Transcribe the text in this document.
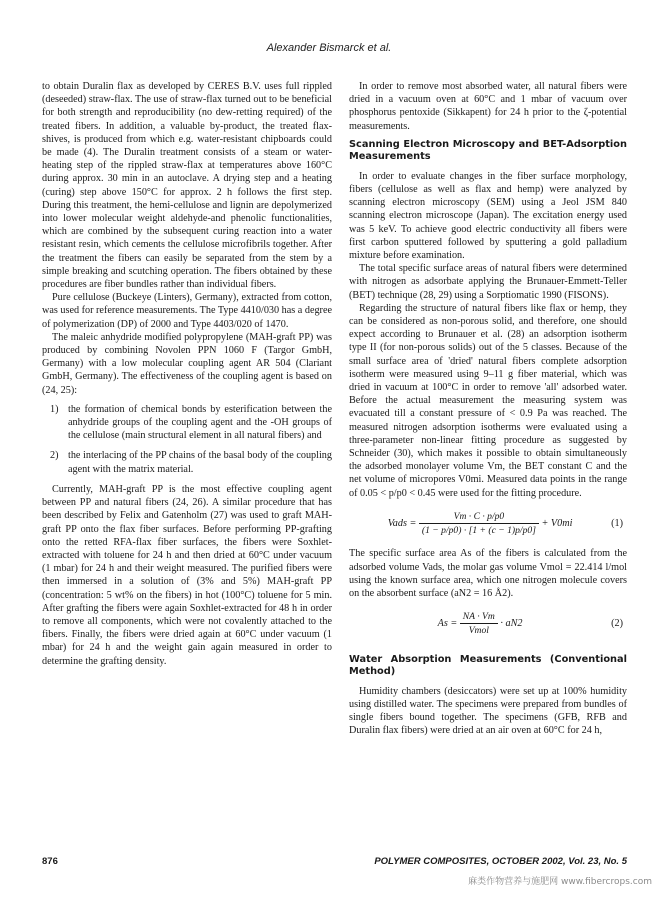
Alexander Bismarck et al.

to obtain Duralin flax as developed by CERES B.V. uses full rippled (deseeded) straw-flax. The use of straw-flax turned out to be beneficial for both strength and reproducibility (no dew-retting required) of the treated fibers. In addition, a valuable by-product, the treated flax-shives, is produced from which e.g. water-resistant chipboards could be made (4). The Duralin treatment consists of a steam or water-heating step of the rippled straw-flax at temperatures above 160°C during approx. 30 min in an autoclave. A drying step and a heating (curing) step above 150°C for approx. 2 h follows the first step. During this treatment, the hemi-cellulose and lignin are depolymerized into lower molecular weight aldehyde-and phenolic functionalities, which are combined by the subsequent curing reaction into a water resistant resin, which cements the cellulose microfibrils together. After the treatment the fibers can easily be separated from the stem by a simple breaking and scutching operation. The fibers obtained by these procedures are fiber bundles rather than individual fibers.

Pure cellulose (Buckeye (Linters), Germany), extracted from cotton, was used for reference measurements. The Type 4410/030 has a degree of polymerization (DP) of 2000 and Type 4403/020 of 1470.

The maleic anhydride modified polypropylene (MAH-graft PP) was produced by combining Novolen PPN 1060 F (Targor GmbH, Germany) with a low molecular coupling agent AR 504 (Clariant GmbH, Germany). The effectiveness of the coupling agent is based on (24, 25):

1) the formation of chemical bonds by esterification between the anhydride groups of the coupling agent and the -OH groups of the cellulose (main structural element in all natural fibers) and
2) the interlacing of the PP chains of the basal body of the coupling agent with the matrix material.

Currently, MAH-graft PP is the most effective coupling agent between PP and natural fibers (24, 26). A similar procedure that has been described by Felix and Gatenholm (27) was used to graft MAH-graft PP onto the flax fiber surfaces. Before performing PP-grafting onto the retted RFA-flax fiber surfaces, the fibers were Soxhlet-extracted with toluene for 24 h and then dried at 60°C under vacuum (1 mbar) for 24 h and their weight measured. The purified fibers were then immersed in a solution of (3% and 5%) MAH-graft PP (concentration: 5 wt% on the fibers) in hot (100°C) toluene for 5 min. After grafting the fibers were again Soxhlet-extracted for 48 h in order to remove all components, which were not covalently attached to the fibers. Finally, the fibers were dried again at 60°C under vacuum (1 mbar) for 24 h and the weight gain again measured in order to determine the grafting density.

In order to remove most absorbed water, all natural fibers were dried in a vacuum oven at 60°C and 1 mbar of vacuum over phosphorus pentoxide (Sikkapent) for 24 h prior to the ζ-potential measurements.

Scanning Electron Microscopy and BET-Adsorption Measurements

In order to evaluate changes in the fiber surface morphology, fibers (cellulose as well as flax and hemp) were analyzed by scanning electron microscopy (SEM) using a Jeol JSM 840 scanning electron microscope (Japan). The excitation energy used was 5 keV. To achieve good electric conductivity all fibers were first carbon sputtered followed by sputtering a gold palladium mixture before examination.

The total specific surface areas of natural fibers were determined with nitrogen as adsorbate applying the Brunauer-Emmett-Teller (BET) technique (28, 29) using a Sorptiomatic 1990 (FISONS).

Regarding the structure of natural fibers like flax or hemp, they can be considered as non-porous solid, and therefore, one should expect according to Brunauer et al. (28) an adsorption isotherm type II (for non-porous solids) out of the 5 classes. Because of the small surface area of 'dried' natural fibers complete adsorption isotherm were measured using 9–11 g fiber material, which was dried in vacuum at 100°C in order to remove 'all' adsorbed water. Before the actual measurement the measuring system was evacuated till a constant pressure of < 0.9 Pa was reached. The measured nitrogen adsorption isotherms were evaluated using a three-parameter non-linear fitting procedure as suggested by Schneider (30), which makes it possible to obtain simultaneously the adsorbed monolayer volume Vm, the BET constant C and the net volume of micropores V0mi. Measured data points in the range of 0.05 < p/p0 < 0.45 were used for the fitting procedure.

Vads = $\frac{Vm \cdot C \cdot p/p0}{(1 - p/p0) \cdot [1 + (c - 1)p/p0]} + V0mi$	(1)

The specific surface area As of the fibers is calculated from the adsorbed volume Vads, the molar gas volume Vmol = 22.414 l/mol using the known surface area, which one nitrogen molecule covers on the absorbent surface (aN2 = 16 Å2).

$As = \frac{NA \cdot Vm}{\text{Vmol}} \cdot aN2$	(2)
Water Absorption Measurements (Conventional Method)

Humidity chambers (desiccators) were set up at 100% humidity using distilled water. The specimens were prepared from bundles of single fibers bound together. The specimens (GFB, RFB and Duralin flax fibers) were dried at an air oven at 60°C for 24 h,

876	POLYMER COMPOSITES, OCTOBER 2002, Vol. 23, No. 5
麻类作物营养与施肥网 www.fibercrops.com
